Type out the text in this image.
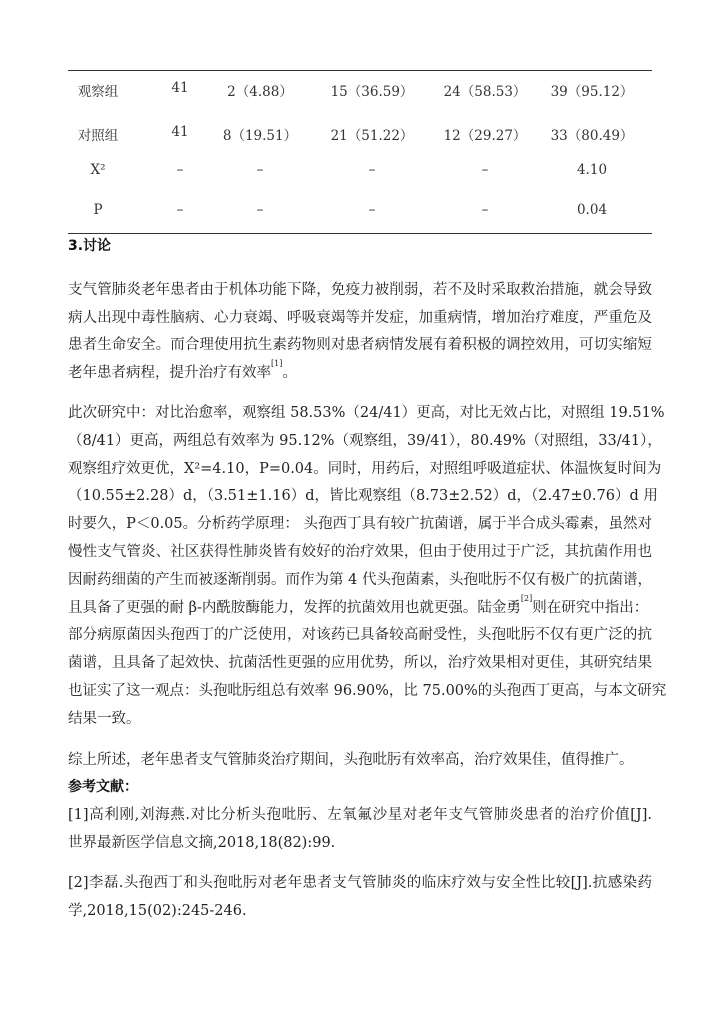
观察组	41	2（4.88）	15（36.59） 24（58.53） 39（95.12）
对照组	41	8（19.51） 21（51.22） 12（29.27） 33（80.49）
X²	–	–	–	–	4.10
P	–	–	–	–	0.04
3.讨论
支气管肺炎老年患者由于机体功能下降，免疫力被削弱，若不及时采取救治措施，就会导致
病人出现中毒性脑病、心力衰竭、呼吸衰竭等并发症，加重病情，增加治疗难度，严重危及
患者生命安全。而合理使用抗生素药物则对患者病情发展有着积极的调控效用，可切实缩短
老年患者病程，提升治疗有效率[1]。
此次研究中：对比治愈率，观察组 58.53%（24/41）更高，对比无效占比，对照组 19.51%
（8/41）更高，两组总有效率为 95.12%（观察组，39/41），80.49%（对照组，33/41），
观察组疗效更优，X²=4.10，P=0.04。同时，用药后，对照组呼吸道症状、体温恢复时间为
（10.55±2.28）d，（3.51±1.16）d，皆比观察组（8.73±2.52）d，（2.47±0.76）d 用
时要久，P＜0.05。分析药学原理： 头孢西丁具有较广抗菌谱，属于半合成头霉素，虽然对
慢性支气管炎、社区获得性肺炎皆有姣好的治疗效果，但由于使用过于广泛，其抗菌作用也
因耐药细菌的产生而被逐渐削弱。而作为第 4 代头孢菌素，头孢吡肟不仅有极广的抗菌谱，
且具备了更强的耐 β-内酰胺酶能力，发挥的抗菌效用也就更强。陆金勇[2]则在研究中指出：
部分病原菌因头孢西丁的广泛使用，对该药已具备较高耐受性，头孢吡肟不仅有更广泛的抗
菌谱，且具备了起效快、抗菌活性更强的应用优势，所以，治疗效果相对更佳，其研究结果
也证实了这一观点：头孢吡肟组总有效率 96.90%，比 75.00%的头孢西丁更高，与本文研究
结果一致。
综上所述，老年患者支气管肺炎治疗期间，头孢吡肟有效率高，治疗效果佳，值得推广。
参考文献：
[1]高利刚,刘海燕.对比分析头孢吡肟、左氧氟沙星对老年支气管肺炎患者的治疗价值[J].
世界最新医学信息文摘,2018,18(82):99.
[2]李磊.头孢西丁和头孢吡肟对老年患者支气管肺炎的临床疗效与安全性比较[J].抗感染药
学,2018,15(02):245-246.
